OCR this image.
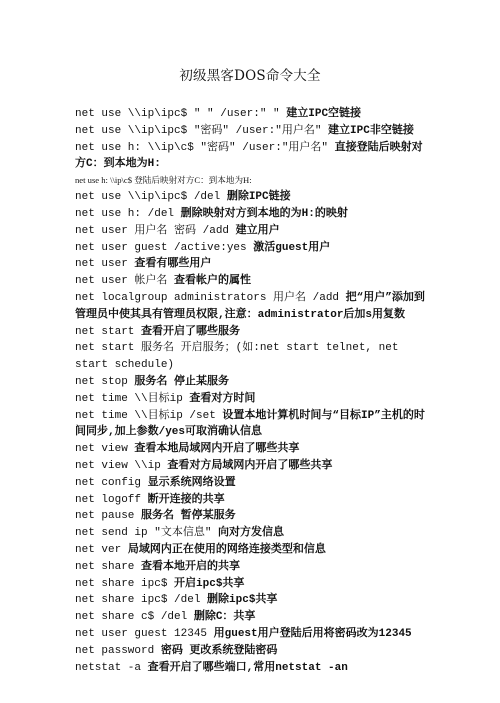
初级黑客DOS命令大全

net use \\ip\ipc$ " " /user:" " 建立IPC空链接

net use \\ip\ipc$ "密码" /user:"用户名" 建立IPC非空链接

net use h: \\ip\c$ "密码" /user:"用户名" 直接登陆后映射对方C：到本地为H:

net use h: \\ip\c$ 登陆后映射对方C：到本地为H:

net use \\ip\ipc$ /del 删除IPC链接

net use h: /del 删除映射对方到本地的为H:的映射

net user 用户名 密码 /add 建立用户

net user guest /active:yes 激活guest用户

net user 查看有哪些用户

net user 帐户名 查看帐户的属性

net localgroup administrators 用户名 /add 把“用户”添加到管理员中使其具有管理员权限,注意：administrator后加s用复数

net start 查看开启了哪些服务

net start 服务名 开启服务；(如:net start telnet, net start schedule)

net stop 服务名 停止某服务

net time \\目标ip 查看对方时间

net time \\目标ip /set 设置本地计算机时间与“目标IP”主机的时间同步,加上参数/yes可取消确认信息

net view 查看本地局域网内开启了哪些共享

net view \\ip 查看对方局域网内开启了哪些共享

net config 显示系统网络设置

net logoff 断开连接的共享

net pause 服务名 暂停某服务

net send ip "文本信息" 向对方发信息

net ver 局域网内正在使用的网络连接类型和信息

net share 查看本地开启的共享

net share ipc$ 开启ipc$共享

net share ipc$ /del 删除ipc$共享

net share c$ /del 删除C：共享

net user guest 12345 用guest用户登陆后用将密码改为12345

net password 密码 更改系统登陆密码

netstat -a 查看开启了哪些端口,常用netstat -an
